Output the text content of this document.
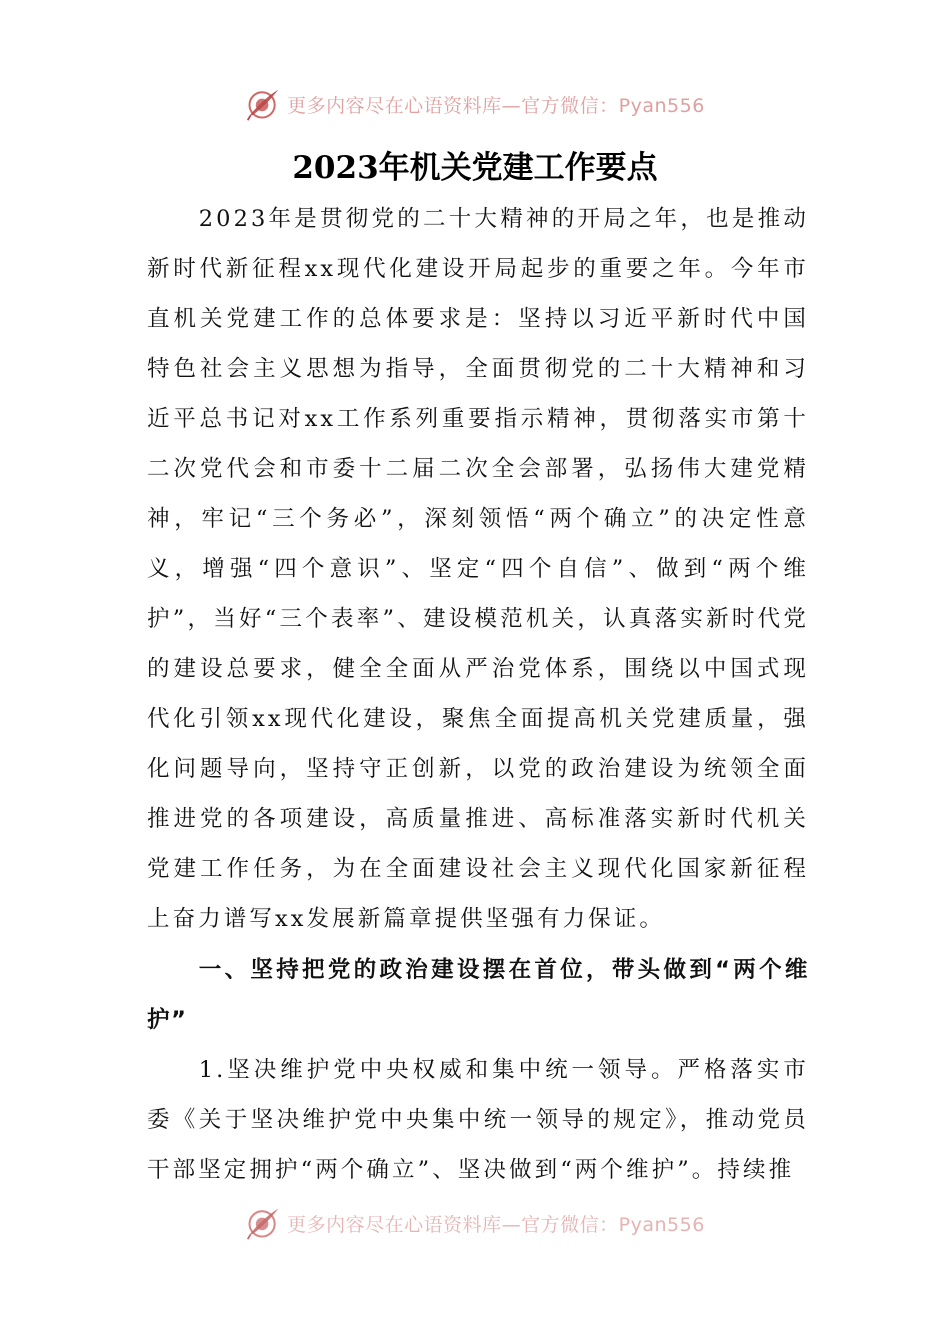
更多内容尽在心语资料库—官方微信：Pyan556
2023年机关党建工作要点

2023年是贯彻党的二十大精神的开局之年，也是推动新时代新征程xx现代化建设开局起步的重要之年。今年市直机关党建工作的总体要求是：坚持以习近平新时代中国特色社会主义思想为指导，全面贯彻党的二十大精神和习近平总书记对xx工作系列重要指示精神，贯彻落实市第十二次党代会和市委十二届二次全会部署，弘扬伟大建党精神，牢记“三个务必”，深刻领悟“两个确立”的决定性意义，增强“四个意识”、坚定“四个自信”、做到“两个维护”，当好“三个表率”、建设模范机关，认真落实新时代党的建设总要求，健全全面从严治党体系，围绕以中国式现代化引领xx现代化建设，聚焦全面提高机关党建质量，强化问题导向，坚持守正创新，以党的政治建设为统领全面推进党的各项建设，高质量推进、高标准落实新时代机关党建工作任务，为在全面建设社会主义现代化国家新征程上奋力谱写xx发展新篇章提供坚强有力保证。

一、坚持把党的政治建设摆在首位，带头做到“两个维护”

1.坚决维护党中央权威和集中统一领导。严格落实市委《关于坚决维护党中央集中统一领导的规定》，推动党员干部坚定拥护“两个确立”、坚决做到“两个维护”。持续推

更多内容尽在心语资料库—官方微信：Pyan556
